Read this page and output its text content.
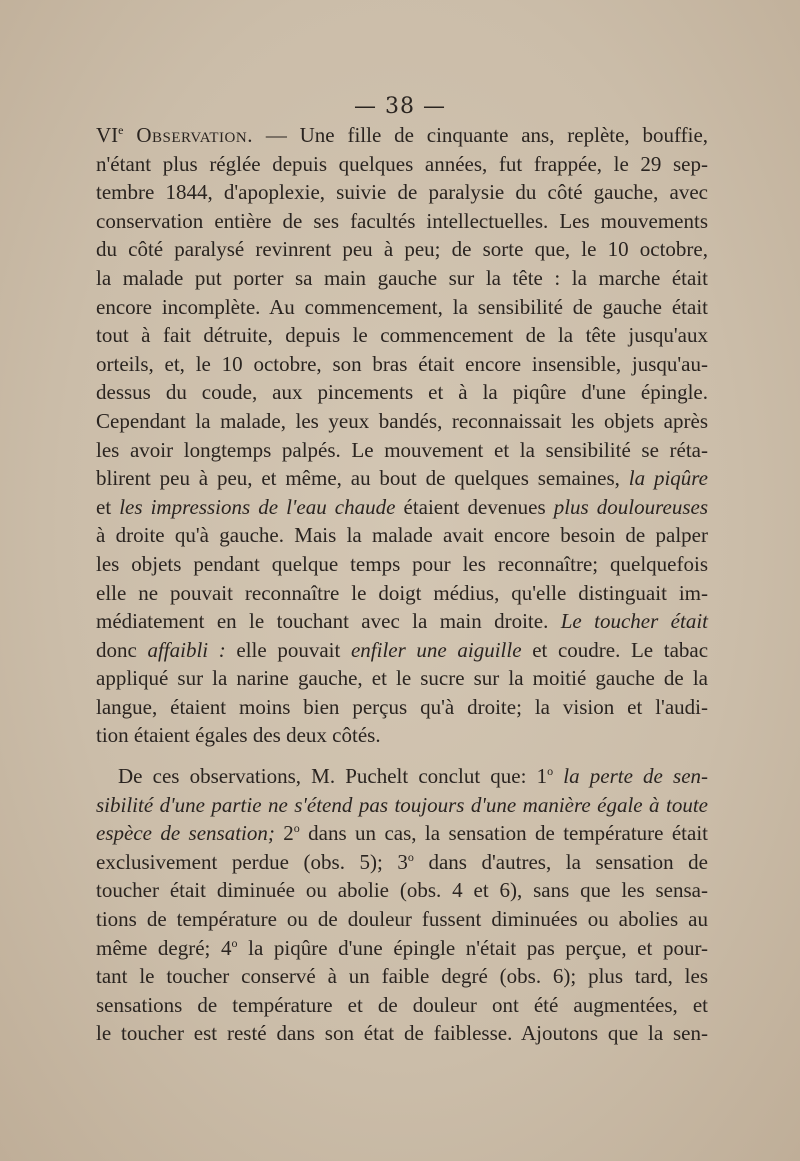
— 38 —
VIe Observation. — Une fille de cinquante ans, replète, bouffie,
n'étant plus réglée depuis quelques années, fut frappée, le 29 sep-
tembre 1844, d'apoplexie, suivie de paralysie du côté gauche, avec
conservation entière de ses facultés intellectuelles. Les mouvements
du côté paralysé revinrent peu à peu; de sorte que, le 10 octobre,
la malade put porter sa main gauche sur la tête : la marche était
encore incomplète. Au commencement, la sensibilité de gauche était
tout à fait détruite, depuis le commencement de la tête jusqu'aux
orteils, et, le 10 octobre, son bras était encore insensible, jusqu'au-
dessus du coude, aux pincements et à la piqûre d'une épingle.
Cependant la malade, les yeux bandés, reconnaissait les objets après
les avoir longtemps palpés. Le mouvement et la sensibilité se réta-
blirent peu à peu, et même, au bout de quelques semaines, la piqûre
et les impressions de l'eau chaude étaient devenues plus douloureuses
à droite qu'à gauche. Mais la malade avait encore besoin de palper
les objets pendant quelque temps pour les reconnaître; quelquefois
elle ne pouvait reconnaître le doigt médius, qu'elle distinguait im-
médiatement en le touchant avec la main droite. Le toucher était
donc affaibli : elle pouvait enfiler une aiguille et coudre. Le tabac
appliqué sur la narine gauche, et le sucre sur la moitié gauche de la
langue, étaient moins bien perçus qu'à droite; la vision et l'audi-
tion étaient égales des deux côtés.
De ces observations, M. Puchelt conclut que: 1$^o$ la perte de sen-
sibilité d'une partie ne s'étend pas toujours d'une manière égale à toute
espèce de sensation; 2$^o$ dans un cas, la sensation de température était
exclusivement perdue (obs. 5); 3$^o$ dans d'autres, la sensation de
toucher était diminuée ou abolie (obs. 4 et 6), sans que les sensa-
tions de température ou de douleur fussent diminuées ou abolies au
même degré; 4$^o$ la piqûre d'une épingle n'était pas perçue, et pour-
tant le toucher conservé à un faible degré (obs. 6); plus tard, les
sensations de température et de douleur ont été augmentées, et
le toucher est resté dans son état de faiblesse. Ajoutons que la sen-
